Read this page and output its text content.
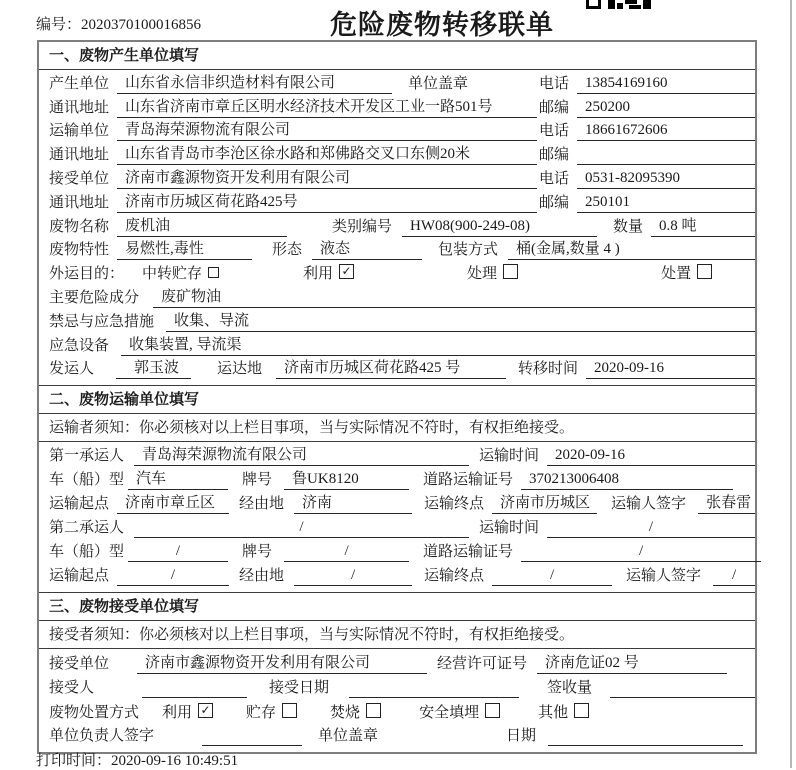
编号：2020370100016856	危险废物转移联单
一、废物产生单位填写
产生单位	山东省永信非织造材料有限公司	单位盖章	电话	13854169160
通讯地址	山东省济南市章丘区明水经济技术开发区工业一路501号	邮编	250200
运输单位	青岛海荣源物流有限公司	电话	18661672606
通讯地址	山东省青岛市李沧区徐水路和郑佛路交叉口东侧20米	邮编
接受单位	济南市鑫源物资开发利用有限公司	电话	0531-82095390
通讯地址	济南市历城区荷花路425号	邮编	250101
废物名称	废机油	类别编号	HW08(900-249-08)	数量	0.8 吨
废物特性	易燃性,毒性	形态	液态	包装方式	桶(金属,数量 4 )
外运目的： 中转贮存	利用 ✓	处理	处置
主要危险成分	废矿物油
禁忌与应急措施	收集、导流
应急设备	收集装置, 导流渠
发运人	郭玉波	运达地	济南市历城区荷花路425 号	转移时间	2020-09-16
二、废物运输单位填写
运输者须知：你必须核对以上栏目事项，当与实际情况不符时，有权拒绝接受。
第一承运人	青岛海荣源物流有限公司	运输时间	2020-09-16
车（船）型 汽车	牌号	鲁UK8120	道路运输证号	370213006408
运输起点	济南市章丘区	经由地	济南	运输终点	济南市历城区	运输人签字	张春雷
第二承运人	/	运输时间	/
车（船）型	/	牌号	/	道路运输证号	/
运输起点	/	经由地	/	运输终点	/	运输人签字	/
三、废物接受单位填写
接受者须知：你必须核对以上栏目事项，当与实际情况不符时，有权拒绝接受。
接受单位	济南市鑫源物资开发利用有限公司	经营许可证号	济南危证02 号
接受人	接受日期	签收量
废物处置方式 利用 ✓ 贮存	焚烧	安全填埋	其他
单位负责人签字	单位盖章	日期
打印时间：2020-09-16 10:49:51
